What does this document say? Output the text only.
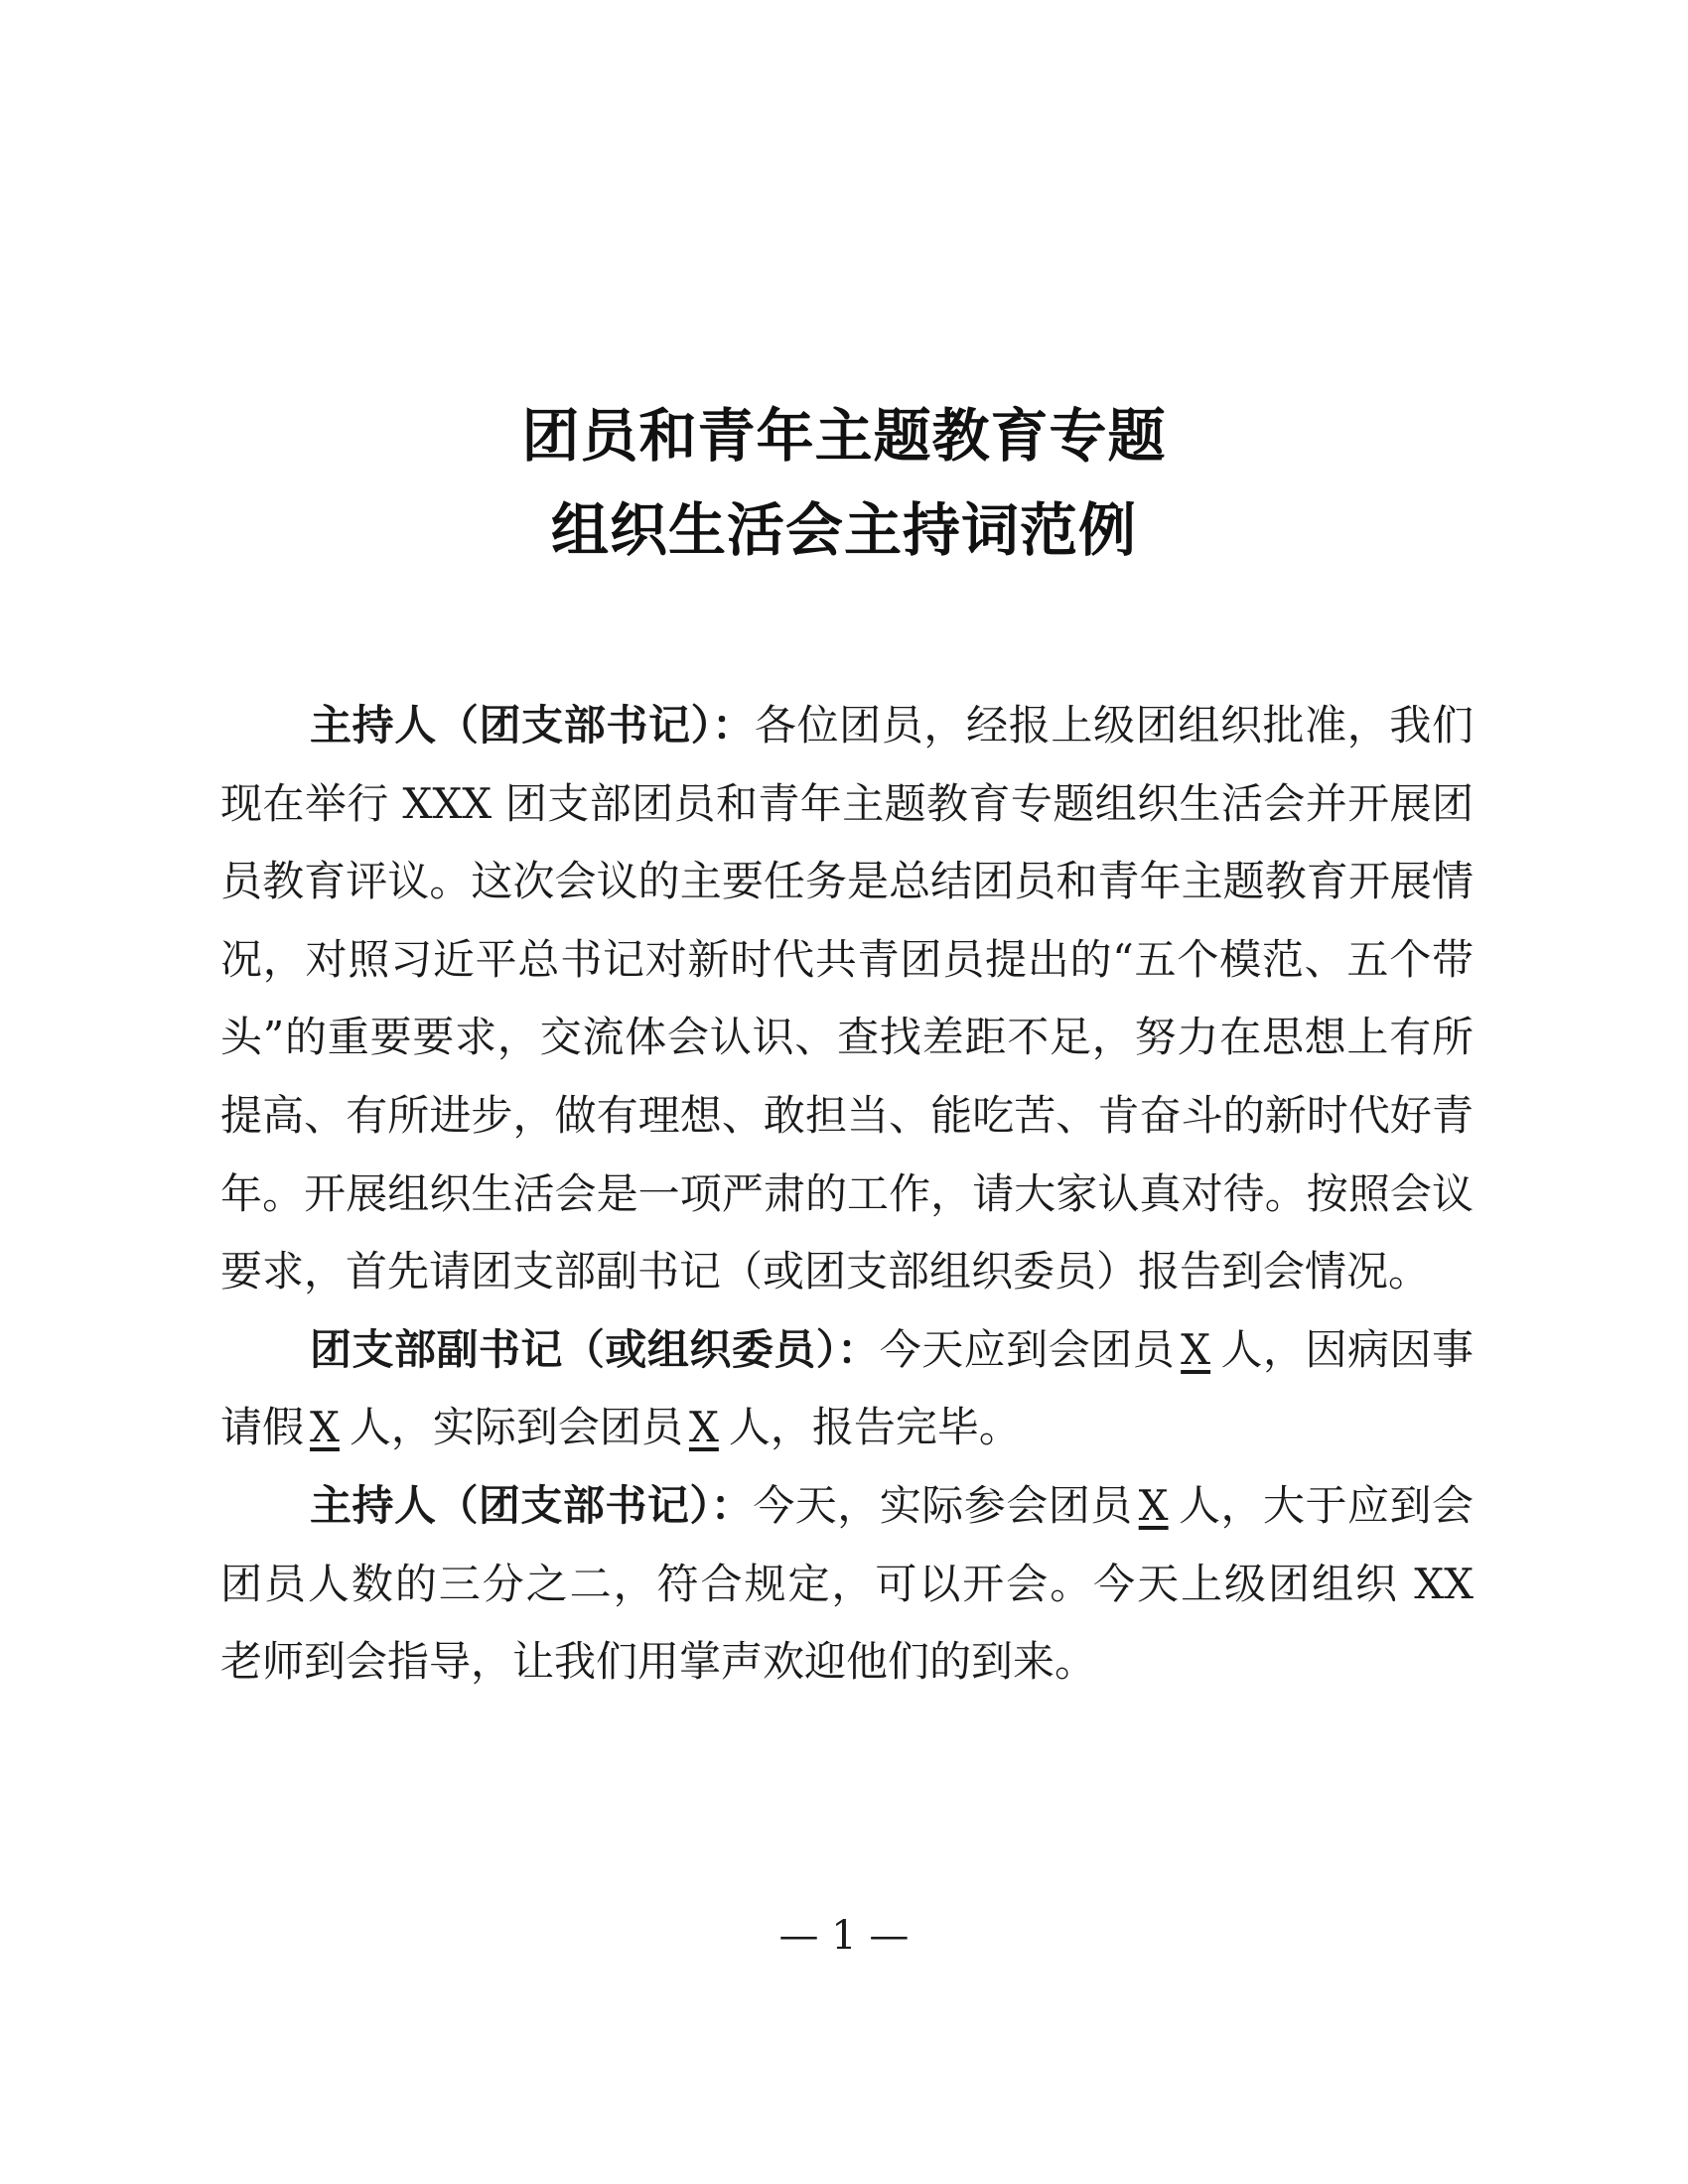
团员和青年主题教育专题
组织生活会主持词范例

主持人（团支部书记）：各位团员，经报上级团组织批准，我们现在举行 XXX 团支部团员和青年主题教育专题组织生活会并开展团员教育评议。这次会议的主要任务是总结团员和青年主题教育开展情况，对照习近平总书记对新时代共青团员提出的“五个模范、五个带头”的重要要求，交流体会认识、查找差距不足，努力在思想上有所提高、有所进步，做有理想、敢担当、能吃苦、肯奋斗的新时代好青年。开展组织生活会是一项严肃的工作，请大家认真对待。按照会议要求，首先请团支部副书记（或团支部组织委员）报告到会情况。

团支部副书记（或组织委员）：今天应到会团员 X 人，因病因事请假 X 人，实际到会团员 X 人，报告完毕。

主持人（团支部书记）：今天，实际参会团员 X 人，大于应到会团员人数的三分之二，符合规定，可以开会。今天上级团组织 XX 老师到会指导，让我们用掌声欢迎他们的到来。

— 1 —
